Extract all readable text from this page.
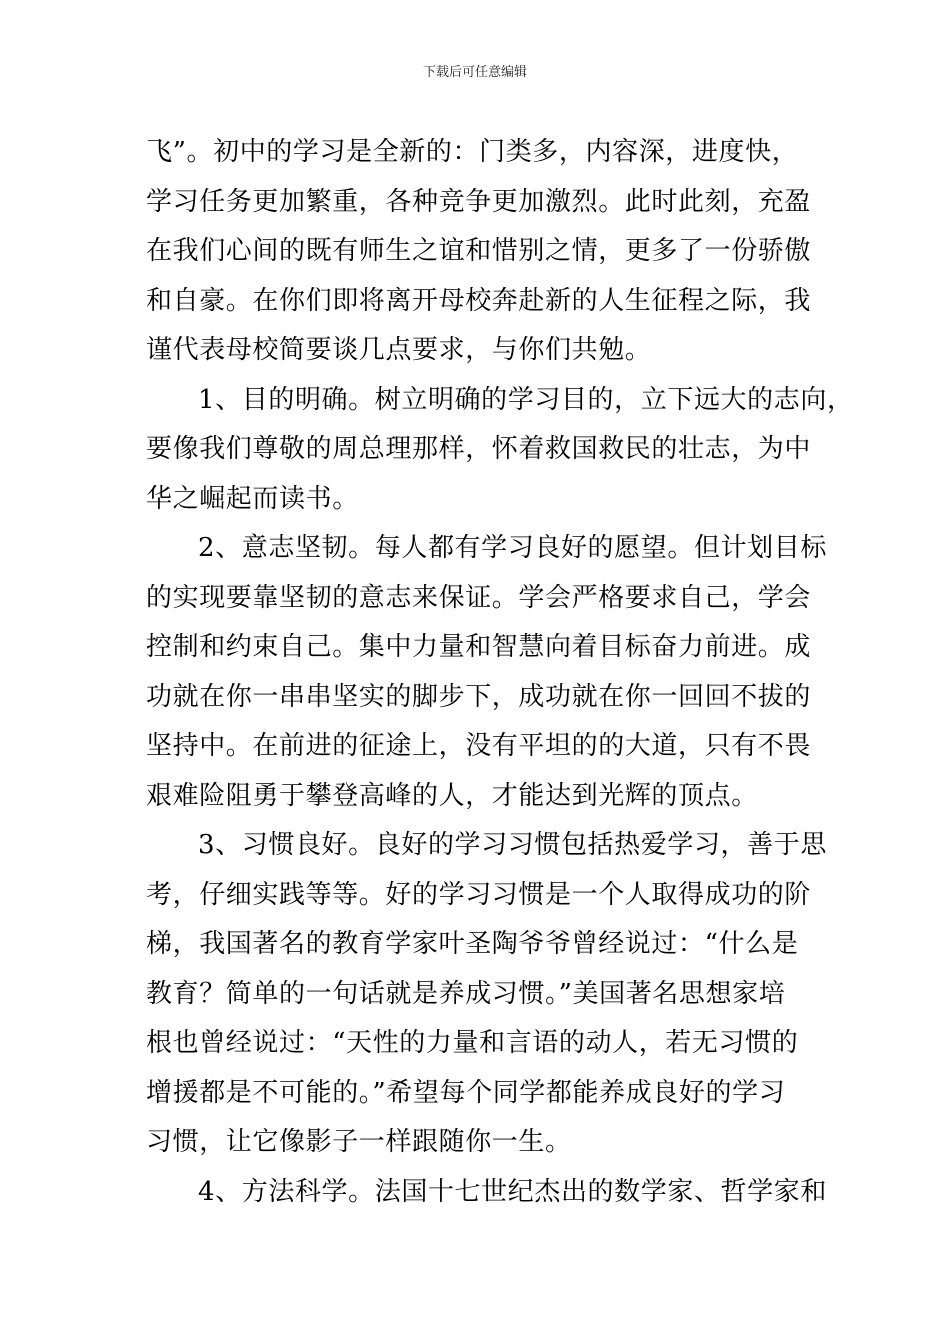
下载后可任意编辑
飞”。初中的学习是全新的：门类多，内容深，进度快，
学习任务更加繁重，各种竞争更加激烈。此时此刻，充盈
在我们心间的既有师生之谊和惜别之情，更多了一份骄傲
和自豪。在你们即将离开母校奔赴新的人生征程之际，我
谨代表母校简要谈几点要求，与你们共勉。
1、目的明确。树立明确的学习目的，立下远大的志向，
要像我们尊敬的周总理那样，怀着救国救民的壮志，为中
华之崛起而读书。
2、意志坚韧。每人都有学习良好的愿望。但计划目标
的实现要靠坚韧的意志来保证。学会严格要求自己，学会
控制和约束自己。集中力量和智慧向着目标奋力前进。成
功就在你一串串坚实的脚步下，成功就在你一回回不拔的
坚持中。在前进的征途上，没有平坦的的大道，只有不畏
艰难险阻勇于攀登高峰的人，才能达到光辉的顶点。
3、习惯良好。良好的学习习惯包括热爱学习，善于思
考，仔细实践等等。好的学习习惯是一个人取得成功的阶
梯，我国著名的教育学家叶圣陶爷爷曾经说过：“什么是
教育？简单的一句话就是养成习惯。”美国著名思想家培
根也曾经说过：“天性的力量和言语的动人，若无习惯的
增援都是不可能的。”希望每个同学都能养成良好的学习
习惯，让它像影子一样跟随你一生。
4、方法科学。法国十七世纪杰出的数学家、哲学家和
